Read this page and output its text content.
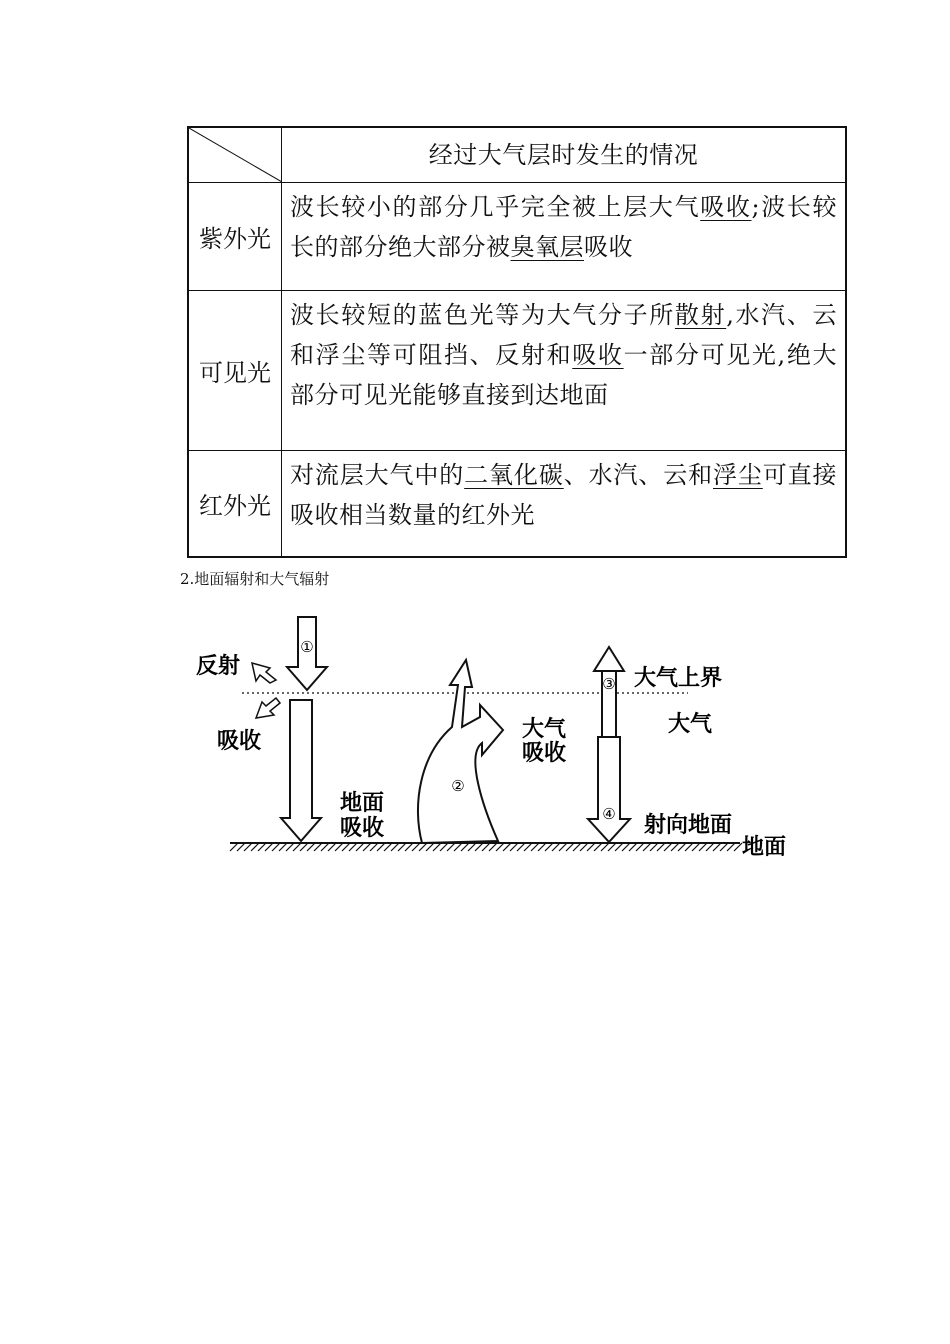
经过大气层时发生的情况
紫外光
波长较小的部分几乎完全被上层大气吸收;波长较长的部分绝大部分被臭氧层吸收
可见光
波长较短的蓝色光等为大气分子所散射,水汽、云和浮尘等可阻挡、反射和吸收一部分可见光,绝大部分可见光能够直接到达地面
红外光
对流层大气中的二氧化碳、水汽、云和浮尘可直接吸收相当数量的红外光
2.地面辐射和大气辐射
①
②
③
④
反射
吸收
地面
吸收
大气
吸收
大气上界
大气
射向地面
地面
